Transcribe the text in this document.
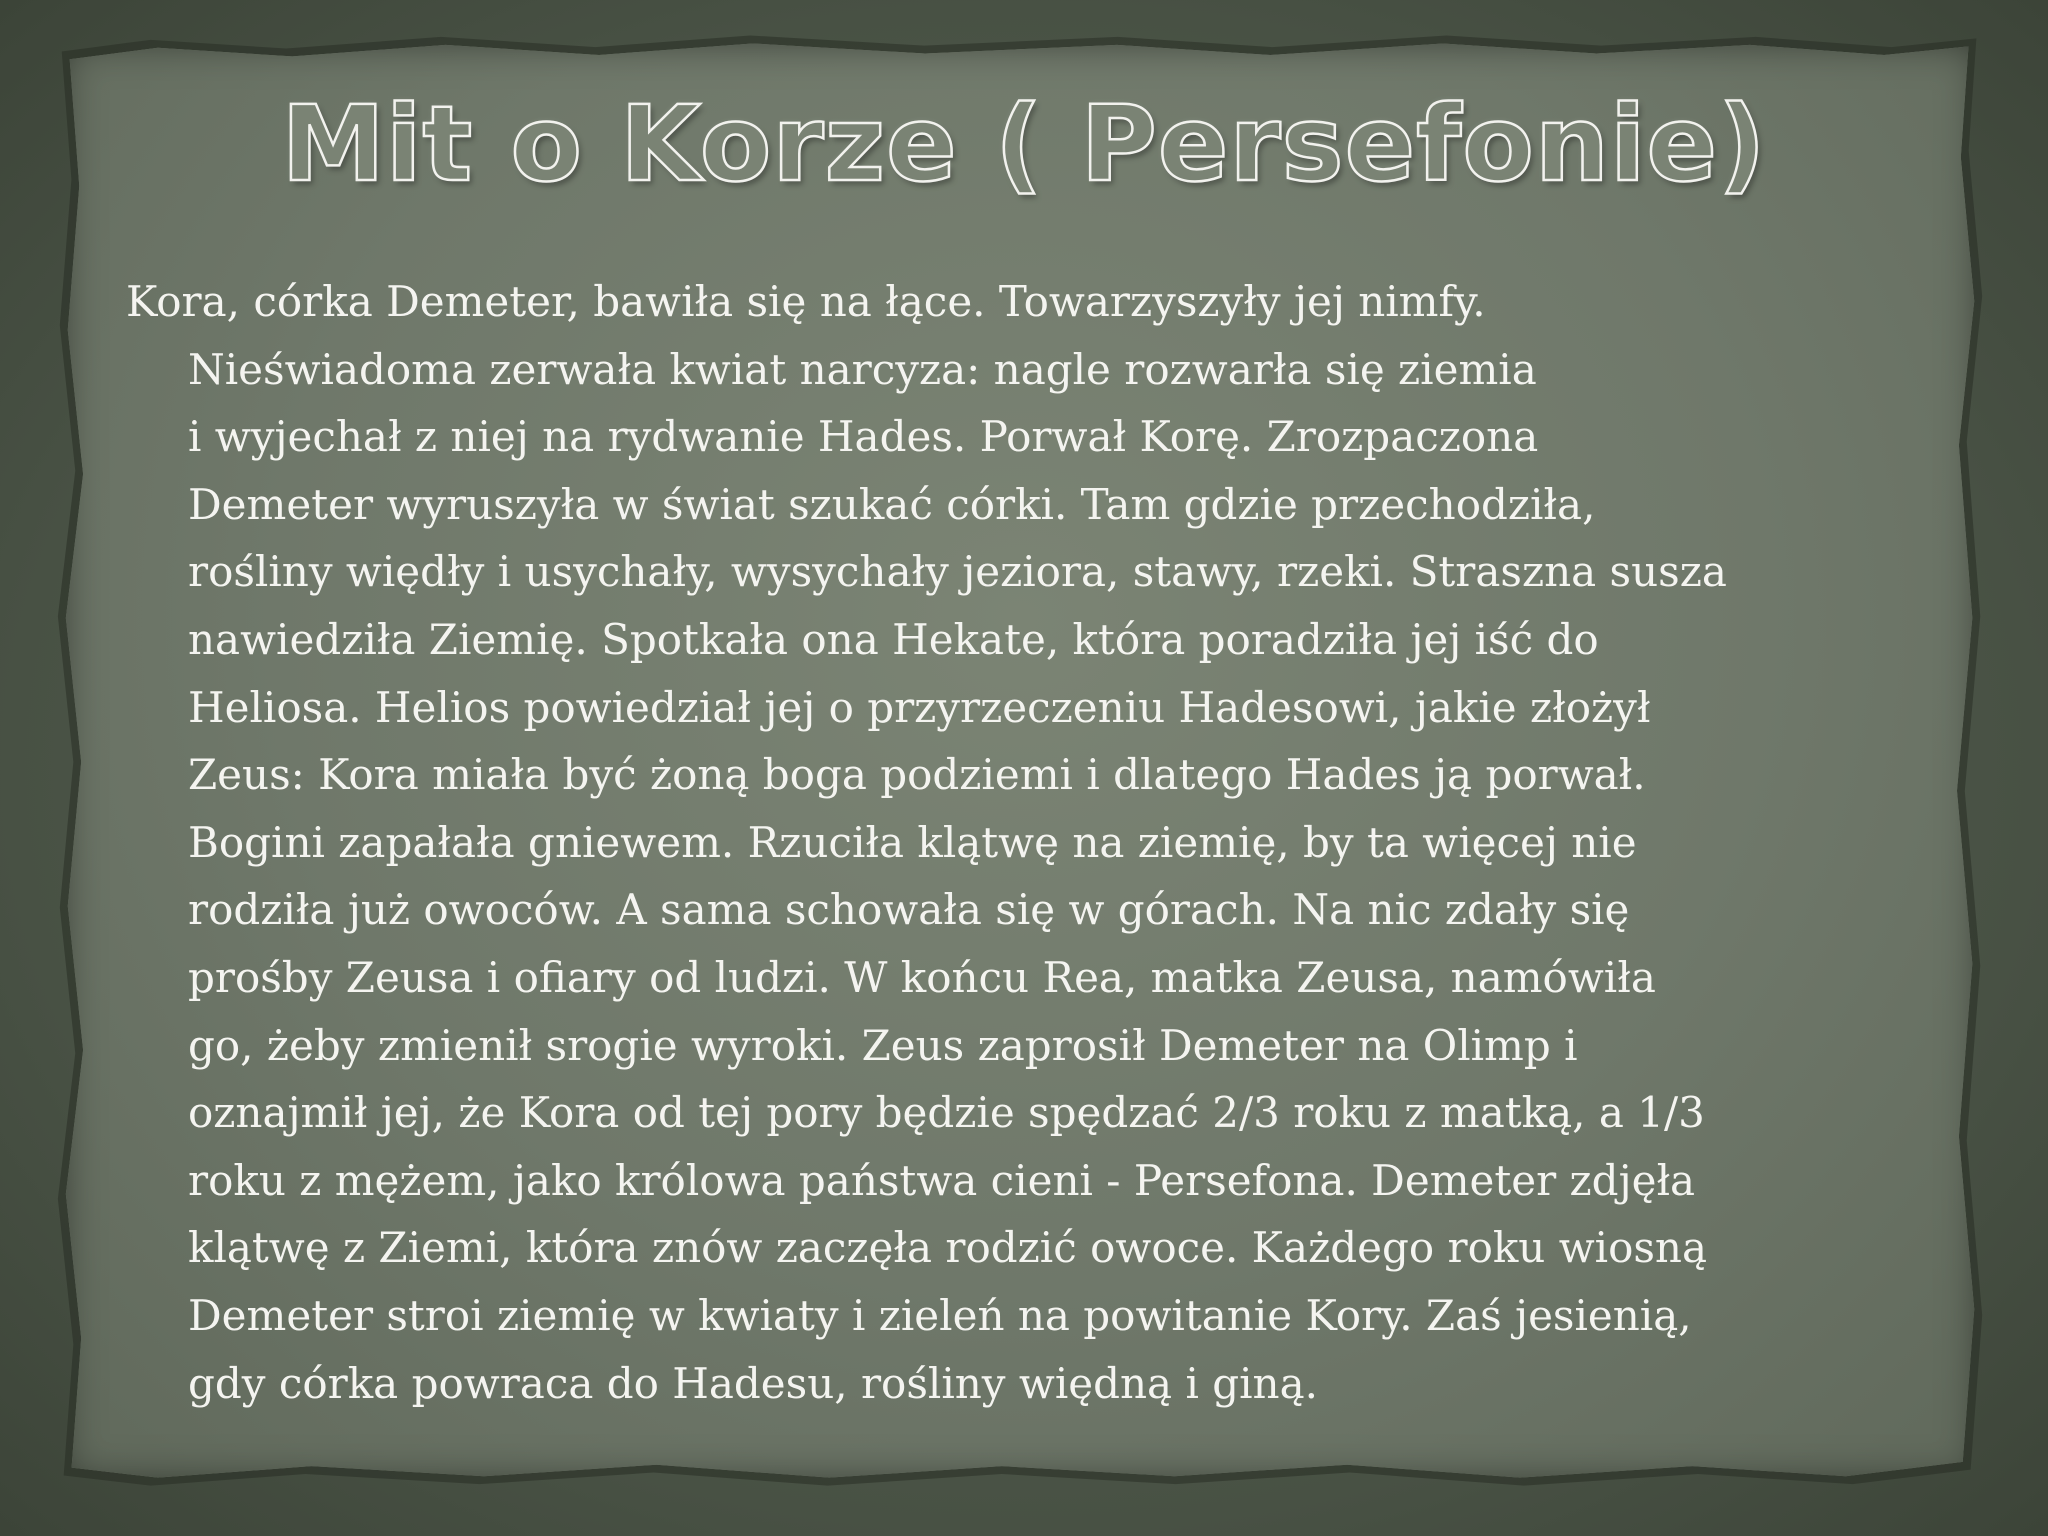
Mit o Korze ( Persefonie)
Kora, córka Demeter, bawiła się na łące. Towarzyszyły jej nimfy.
Nieświadoma zerwała kwiat narcyza: nagle rozwarła się ziemia
i wyjechał z niej na rydwanie Hades. Porwał Korę. Zrozpaczona
Demeter wyruszyła w świat szukać córki. Tam gdzie przechodziła,
rośliny więdły i usychały, wysychały jeziora, stawy, rzeki. Straszna susza
nawiedziła Ziemię. Spotkała ona Hekate, która poradziła jej iść do
Heliosa. Helios powiedział jej o przyrzeczeniu Hadesowi, jakie złożył
Zeus: Kora miała być żoną boga podziemi i dlatego Hades ją porwał.
Bogini zapałała gniewem. Rzuciła klątwę na ziemię, by ta więcej nie
rodziła już owoców. A sama schowała się w górach. Na nic zdały się
prośby Zeusa i ofiary od ludzi. W końcu Rea, matka Zeusa, namówiła
go, żeby zmienił srogie wyroki. Zeus zaprosił Demeter na Olimp i
oznajmił jej, że Kora od tej pory będzie spędzać 2/3 roku z matką, a 1/3
roku z mężem, jako królowa państwa cieni - Persefona. Demeter zdjęła
klątwę z Ziemi, która znów zaczęła rodzić owoce. Każdego roku wiosną
Demeter stroi ziemię w kwiaty i zieleń na powitanie Kory. Zaś jesienią,
gdy córka powraca do Hadesu, rośliny więdną i giną.
